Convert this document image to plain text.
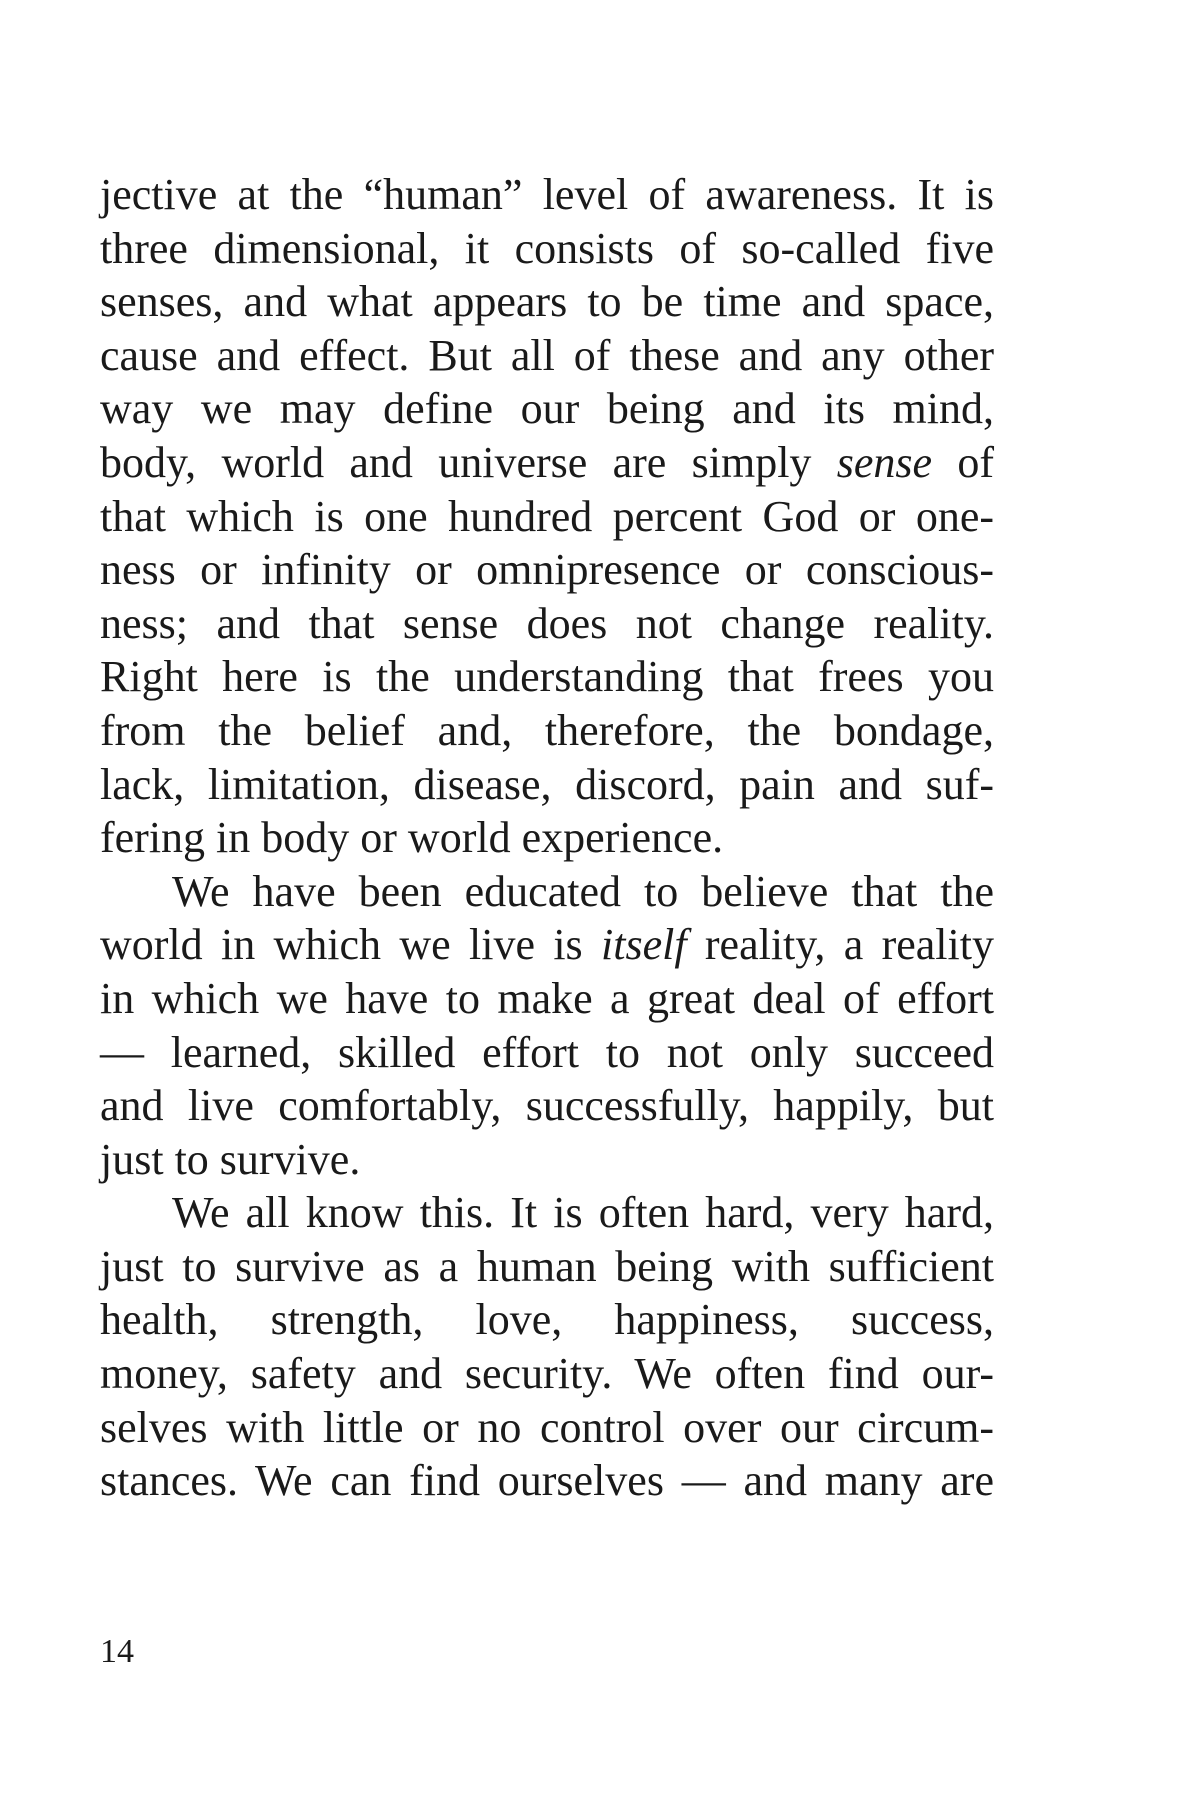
jective at the “human” level of awareness. It is
three dimensional, it consists of so-called five
senses, and what appears to be time and space,
cause and effect. But all of these and any other
way we may define our being and its mind,
body, world and universe are simply sense of
that which is one hundred percent God or one-
ness or infinity or omnipresence or conscious-
ness; and that sense does not change reality.
Right here is the understanding that frees you
from the belief and, therefore, the bondage,
lack, limitation, disease, discord, pain and suf-
fering in body or world experience.
We have been educated to believe that the
world in which we live is itself reality, a reality
in which we have to make a great deal of effort
— learned, skilled effort to not only succeed
and live comfortably, successfully, happily, but
just to survive.
We all know this. It is often hard, very hard,
just to survive as a human being with sufficient
health, strength, love, happiness, success,
money, safety and security. We often find our-
selves with little or no control over our circum-
stances. We can find ourselves — and many are
14
